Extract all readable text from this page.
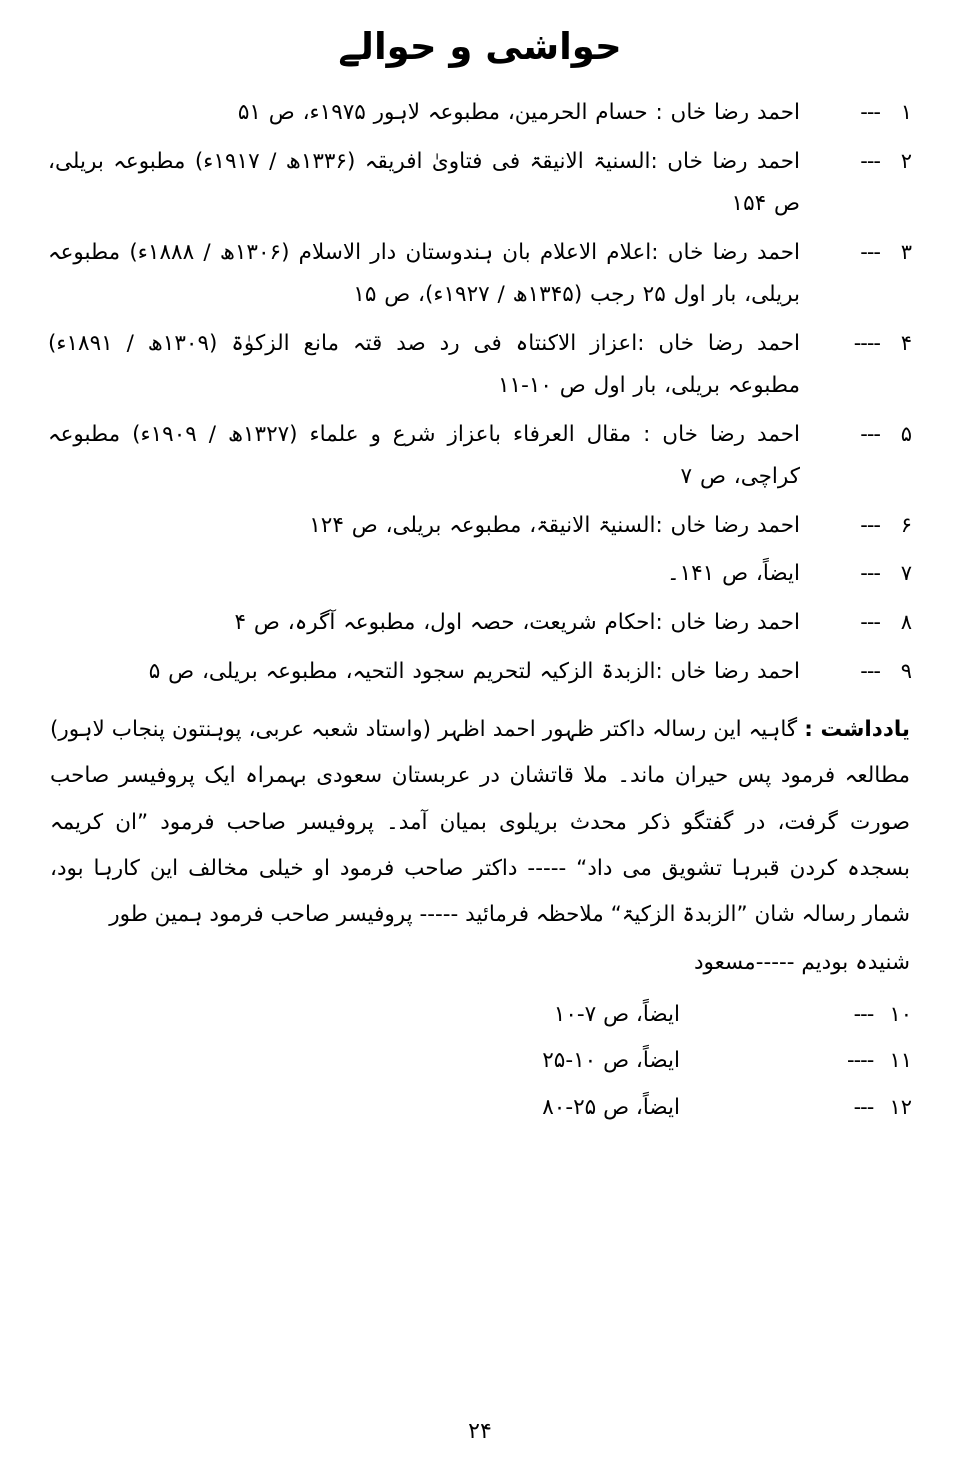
حواشی و حوالے
۱
---
احمد رضا خاں : حسام الحرمین، مطبوعہ لاہور ۱۹۷۵ء، ص ۵۱
۲
---
احمد رضا خاں :السنیۃ الانیقۃ فی فتاویٰ افریقہ (۱۳۳۶ھ / ۱۹۱۷ء) مطبوعہ بریلی، ص ۱۵۴
۳
---
احمد رضا خاں :اعلام الاعلام بان ہندوستان دار الاسلام (۱۳۰۶ھ / ۱۸۸۸ء) مطبوعہ بریلی، بار اول ۲۵ رجب (۱۳۴۵ھ / ۱۹۲۷ء)، ص ۱۵
۴
----
احمد رضا خاں :اعزاز الاکنتاہ فی رد صد قتہ مانع الزکوٰۃ (۱۳۰۹ھ / ۱۸۹۱ء) مطبوعہ بریلی، بار اول ص ۱۰-۱۱
۵
---
احمد رضا خاں : مقال العرفاء باعزاز شرع و علماء (۱۳۲۷ھ / ۱۹۰۹ء) مطبوعہ کراچی، ص ۷
۶
---
احمد رضا خاں :السنیۃ الانیقۃ، مطبوعہ بریلی، ص ۱۲۴
۷
---
ایضاً، ص ۱۴۱۔
۸
---
احمد رضا خاں :احکام شریعت، حصہ اول، مطبوعہ آگرہ، ص ۴
۹
---
احمد رضا خاں :الزبدۃ الزکیہ لتحریم سجود التحیہ، مطبوعہ بریلی، ص ۵
یادداشت : گاہیہ این رسالہ داکتر ظہور احمد اظہر (واستاد شعبہ عربی، پوہنتون پنجاب لاہور) مطالعہ فرمود پس حیران ماند۔ ملا قاتشان در عربستان سعودی بہمراہ ایک پروفیسر صاحب صورت گرفت، در گفتگو ذکر محدث بریلوی بمیان آمد۔ پروفیسر صاحب فرمود ”ان کریمہ بسجدہ کردن قبرہا تشویق می داد“ ----- داکتر صاحب فرمود او خیلی مخالف این کارہا بود، شمار رسالہ شان ”الزبدۃ الزکیۃ“ ملاحظہ فرمائید ----- پروفیسر صاحب فرمود ہمین طور
شنیدہ بودیم -----مسعود
۱۰ ---
ایضاً، ص ۷-۱۰
۱۱ ----
ایضاً، ص ۱۰-۲۵
۱۲ ---
ایضاً، ص ۲۵-۸۰
۲۴
